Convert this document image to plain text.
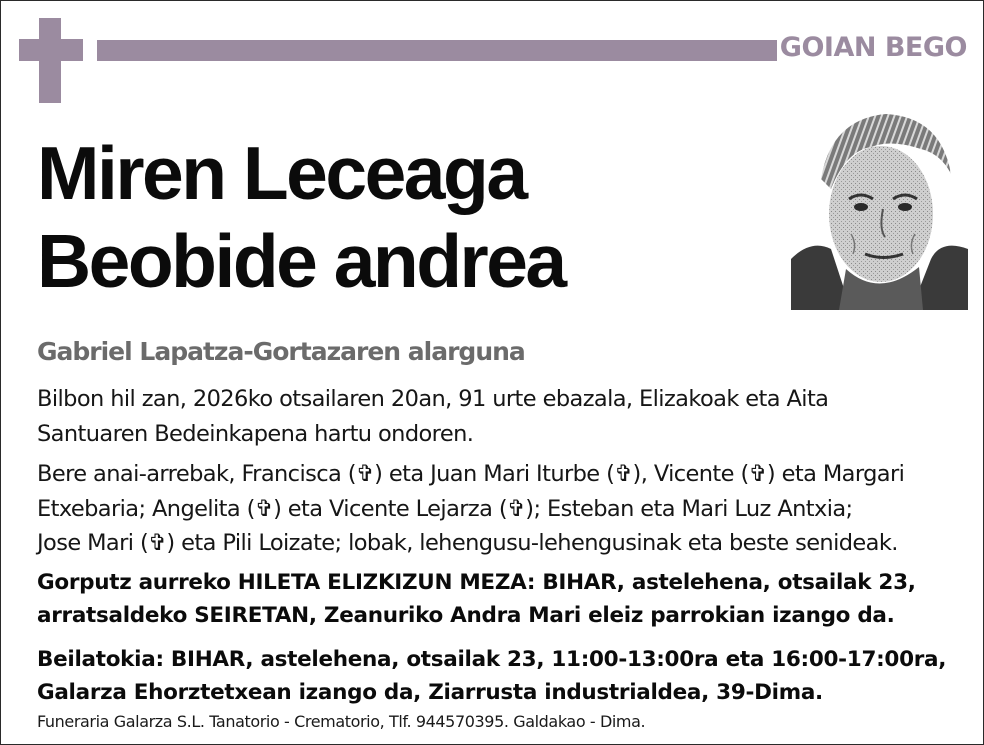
GOIAN BEGO
Miren Leceaga
Beobide andrea
Gabriel Lapatza-Gortazaren alarguna
Bilbon hil zan, 2026ko otsailaren 20an, 91 urte ebazala, Elizakoak eta Aita
Santuaren Bedeinkapena hartu ondoren.
Bere anai-arrebak, Francisca (✞) eta Juan Mari Iturbe (✞), Vicente (✞) eta Margari
Etxebaria; Angelita (✞) eta Vicente Lejarza (✞); Esteban eta Mari Luz Antxia;
Jose Mari (✞) eta Pili Loizate; lobak, lehengusu-lehengusinak eta beste senideak.
Gorputz aurreko HILETA ELIZKIZUN MEZA: BIHAR, astelehena, otsailak 23,
arratsaldeko SEIRETAN, Zeanuriko Andra Mari eleiz parrokian izango da.
Beilatokia: BIHAR, astelehena, otsailak 23, 11:00-13:00ra eta 16:00-17:00ra,
Galarza Ehorztetxean izango da, Ziarrusta industrialdea, 39-Dima.
Funeraria Galarza S.L. Tanatorio - Crematorio, Tlf. 944570395. Galdakao - Dima.
